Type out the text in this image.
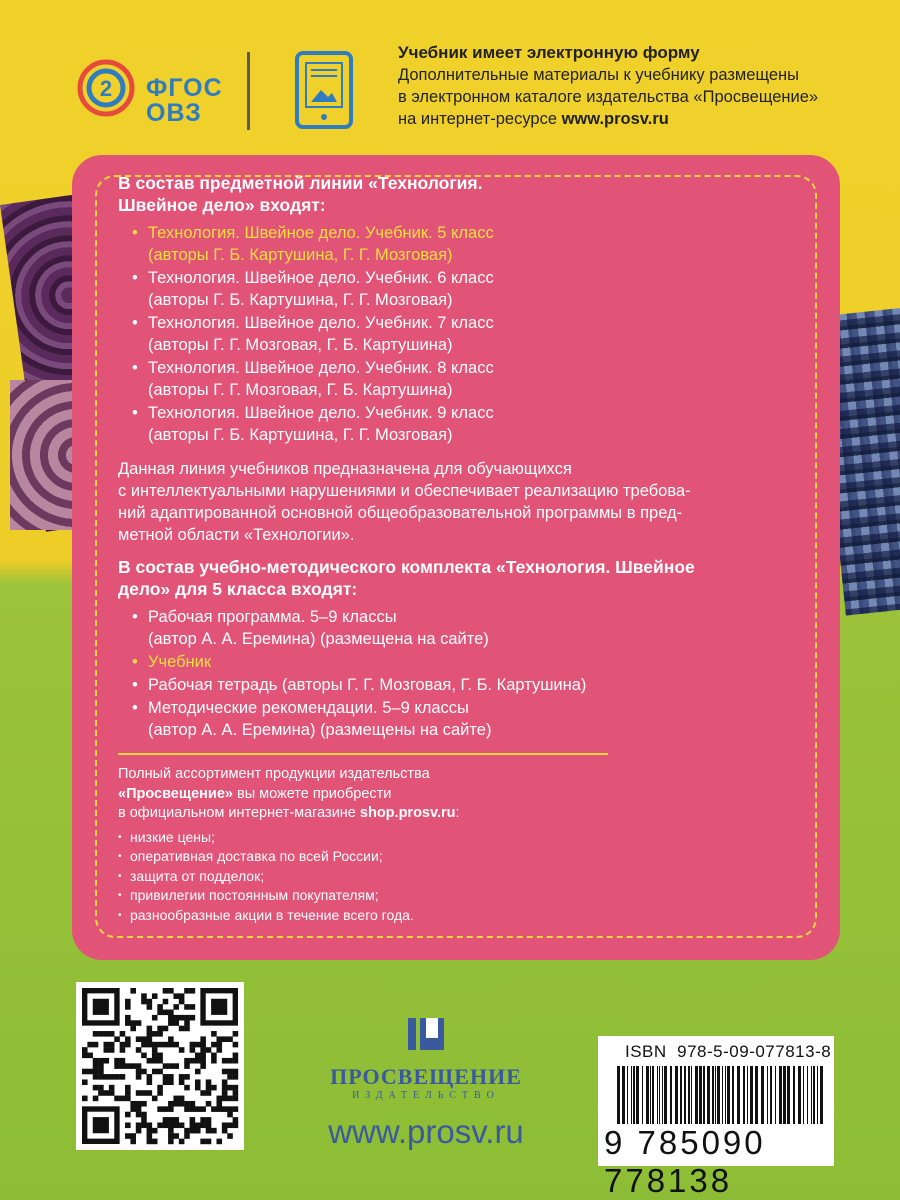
2 ФГОС
ОВЗ
Учебник имеет электронную форму
Дополнительные материалы к учебнику размещены
в электронном каталоге издательства «Просвещение»
на интернет-ресурсе www.prosv.ru
В состав предметной линии «Технология.
Швейное дело» входят:
• Технология. Швейное дело. Учебник. 5 класс
(авторы Г. Б. Картушина, Г. Г. Мозговая)
• Технология. Швейное дело. Учебник. 6 класс
(авторы Г. Б. Картушина, Г. Г. Мозговая)
• Технология. Швейное дело. Учебник. 7 класс
(авторы Г. Г. Мозговая, Г. Б. Картушина)
• Технология. Швейное дело. Учебник. 8 класс
(авторы Г. Г. Мозговая, Г. Б. Картушина)
• Технология. Швейное дело. Учебник. 9 класс
(авторы Г. Б. Картушина, Г. Г. Мозговая)
Данная линия учебников предназначена для обучающихся
с интеллектуальными нарушениями и обеспечивает реализацию требова-
ний адаптированной основной общеобразовательной программы в пред-
метной области «Технологии».
В состав учебно-методического комплекта «Технология. Швейное
дело» для 5 класса входят:
• Рабочая программа. 5–9 классы
(автор А. А. Еремина) (размещена на сайте)
• Учебник
• Рабочая тетрадь (авторы Г. Г. Мозговая, Г. Б. Картушина)
• Методические рекомендации. 5–9 классы
(автор А. А. Еремина) (размещены на сайте)
Полный ассортимент продукции издательства
«Просвещение» вы можете приобрести
в официальном интернет-магазине shop.prosv.ru:
• низкие цены;
• оперативная доставка по всей России;
• защита от подделок;
• привилегии постоянным покупателям;
• разнообразные акции в течение всего года.
ПРОСВЕЩЕНИЕ
ИЗДАТЕЛЬСТВО
www.prosv.ru
ISBN 978-5-09-077813-8
9 785090 778138
